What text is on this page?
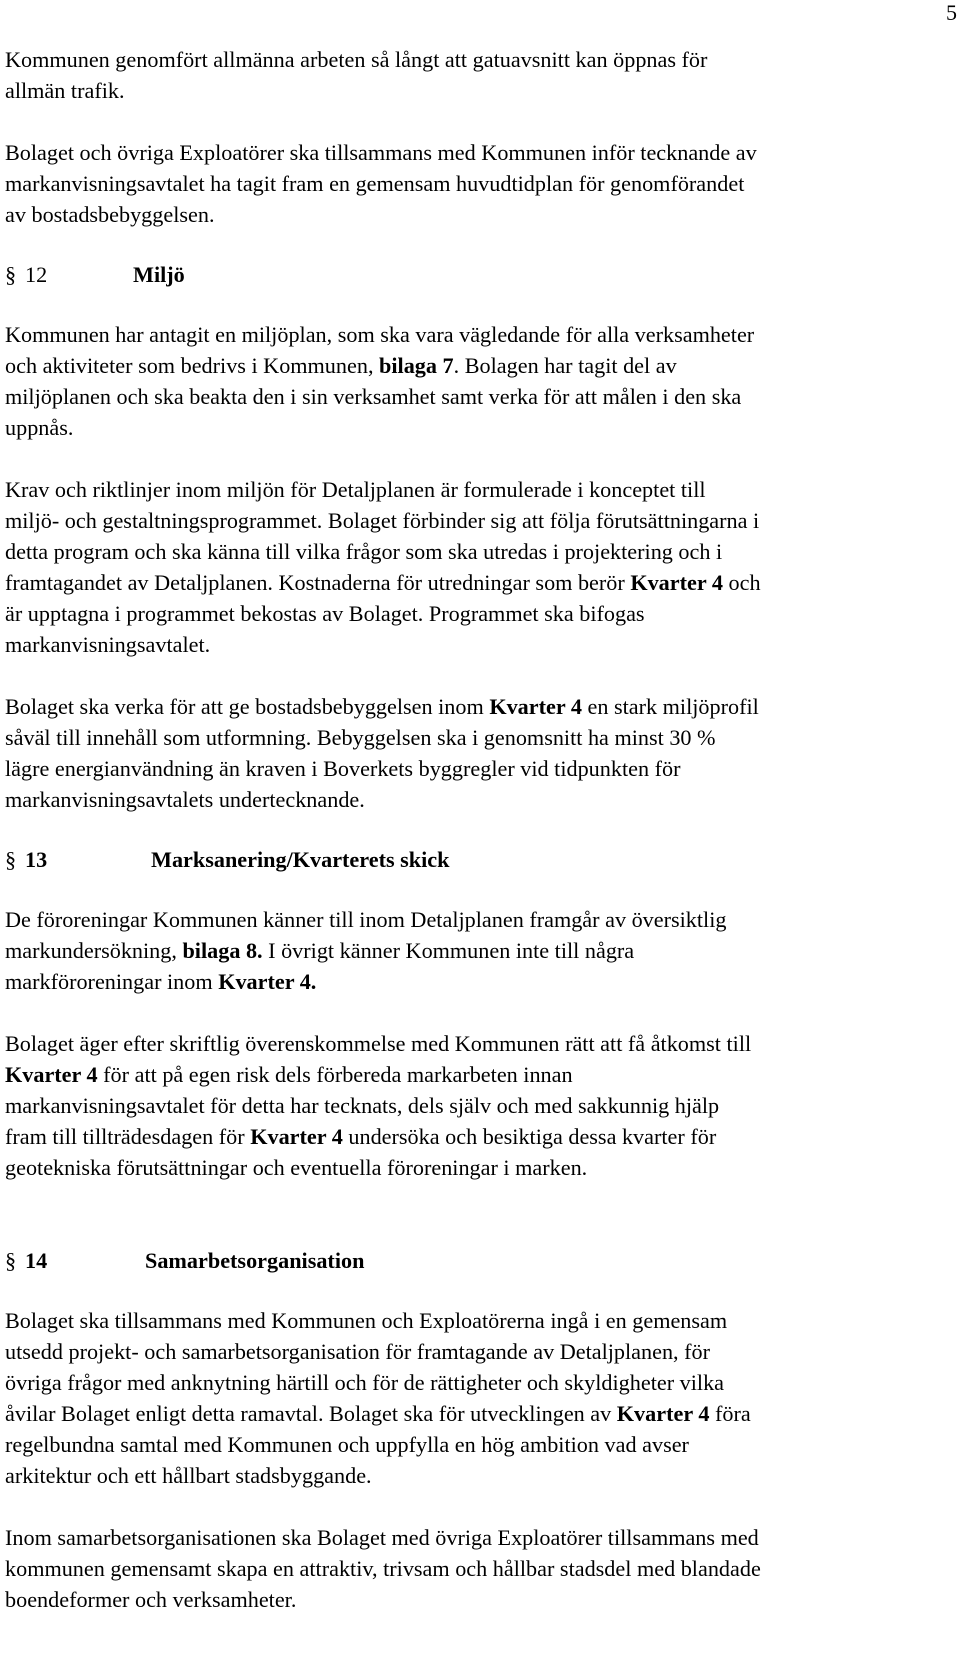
5

Kommunen genomfört allmänna arbeten så långt att gatuavsnitt kan öppnas för
allmän trafik.

Bolaget och övriga Exploatörer ska tillsammans med Kommunen inför tecknande av
markanvisningsavtalet ha tagit fram en gemensam huvudtidplan för genomförandet
av bostadsbebyggelsen.

§ 12	Miljö

Kommunen har antagit en miljöplan, som ska vara vägledande för alla verksamheter
och aktiviteter som bedrivs i Kommunen, bilaga 7. Bolagen har tagit del av
miljöplanen och ska beakta den i sin verksamhet samt verka för att målen i den ska
uppnås.

Krav och riktlinjer inom miljön för Detaljplanen är formulerade i konceptet till
miljö- och gestaltningsprogrammet. Bolaget förbinder sig att följa förutsättningarna i
detta program och ska känna till vilka frågor som ska utredas i projektering och i
framtagandet av Detaljplanen. Kostnaderna för utredningar som berör Kvarter 4 och
är upptagna i programmet bekostas av Bolaget. Programmet ska bifogas
markanvisningsavtalet.

Bolaget ska verka för att ge bostadsbebyggelsen inom Kvarter 4 en stark miljöprofil
såväl till innehåll som utformning. Bebyggelsen ska i genomsnitt ha minst 30 %
lägre energianvändning än kraven i Boverkets byggregler vid tidpunkten för
markanvisningsavtalets undertecknande.

§ 13	Marksanering/Kvarterets skick

De föroreningar Kommunen känner till inom Detaljplanen framgår av översiktlig
markundersökning, bilaga 8. I övrigt känner Kommunen inte till några
markföroreningar inom Kvarter 4.

Bolaget äger efter skriftlig överenskommelse med Kommunen rätt att få åtkomst till
Kvarter 4 för att på egen risk dels förbereda markarbeten innan
markanvisningsavtalet för detta har tecknats, dels själv och med sakkunnig hjälp
fram till tillträdesdagen för Kvarter 4 undersöka och besiktiga dessa kvarter för
geotekniska förutsättningar och eventuella föroreningar i marken.

§ 14	Samarbetsorganisation

Bolaget ska tillsammans med Kommunen och Exploatörerna ingå i en gemensam
utsedd projekt- och samarbetsorganisation för framtagande av Detaljplanen, för
övriga frågor med anknytning härtill och för de rättigheter och skyldigheter vilka
åvilar Bolaget enligt detta ramavtal. Bolaget ska för utvecklingen av Kvarter 4 föra
regelbundna samtal med Kommunen och uppfylla en hög ambition vad avser
arkitektur och ett hållbart stadsbyggande.

Inom samarbetsorganisationen ska Bolaget med övriga Exploatörer tillsammans med
kommunen gemensamt skapa en attraktiv, trivsam och hållbar stadsdel med blandade
boendeformer och verksamheter.
